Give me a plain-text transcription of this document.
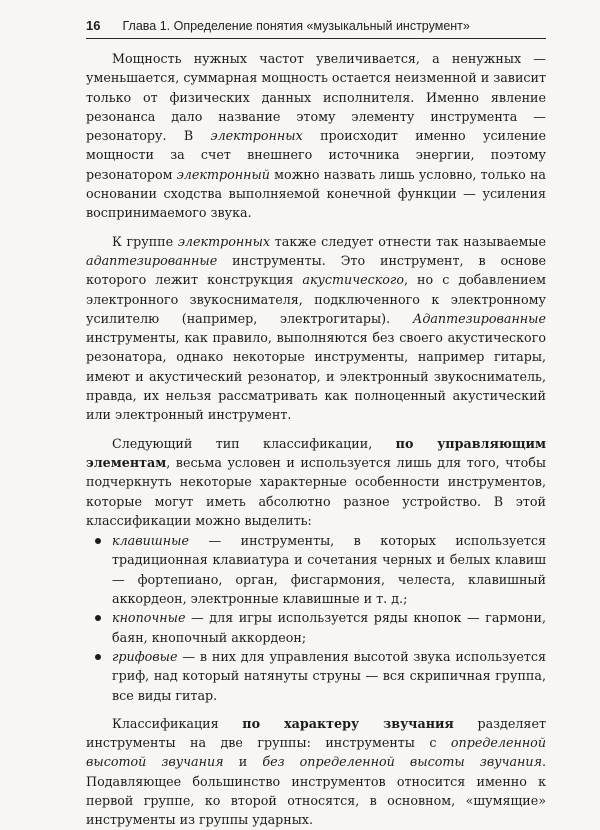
16 Глава 1. Определение понятия «музыкальный инструмент»

Мощность нужных частот увеличивается, а ненужных — уменьшается, суммарная мощность остается неизменной и зависит только от физических данных исполнителя. Именно явление резонанса дало название этому элементу инструмента — резонатору. В электронных происходит именно усиление мощности за счет внешнего источника энергии, поэтому резонатором электронный можно назвать лишь условно, только на основании сходства выполняемой конечной функции — усиления воспринимаемого звука.

К группе электронных также следует отнести так называемые адаптезированные инструменты. Это инструмент, в основе которого лежит конструкция акустического, но с добавлением электронного звукоснимателя, подключенного к электронному усилителю (например, электрогитары). Адаптезированные инструменты, как правило, выполняются без своего акустического резонатора, однако некоторые инструменты, например гитары, имеют и акустический резонатор, и электронный звукосниматель, правда, их нельзя рассматривать как полноценный акустический или электронный инструмент.

Следующий тип классификации, по управляющим элементам, весьма условен и используется лишь для того, чтобы подчеркнуть некоторые характерные особенности инструментов, которые могут иметь абсолютно разное устройство. В этой классификации можно выделить:

клавишные — инструменты, в которых используется традиционная клавиатура и сочетания черных и белых клавиш — фортепиано, орган, фисгармония, челеста, клавишный аккордеон, электронные клавишные и т. д.;
кнопочные — для игры используется ряды кнопок — гармони, баян, кнопочный аккордеон;
грифовые — в них для управления высотой звука используется гриф, над который натянуты струны — вся скрипичная группа, все виды гитар.

Классификация по характеру звучания разделяет инструменты на две группы: инструменты с определенной высотой звучания и без определенной высоты звучания. Подавляющее большинство инструментов относится именно к первой группе, ко второй относятся, в основном, «шумящие» инструменты из группы ударных.
